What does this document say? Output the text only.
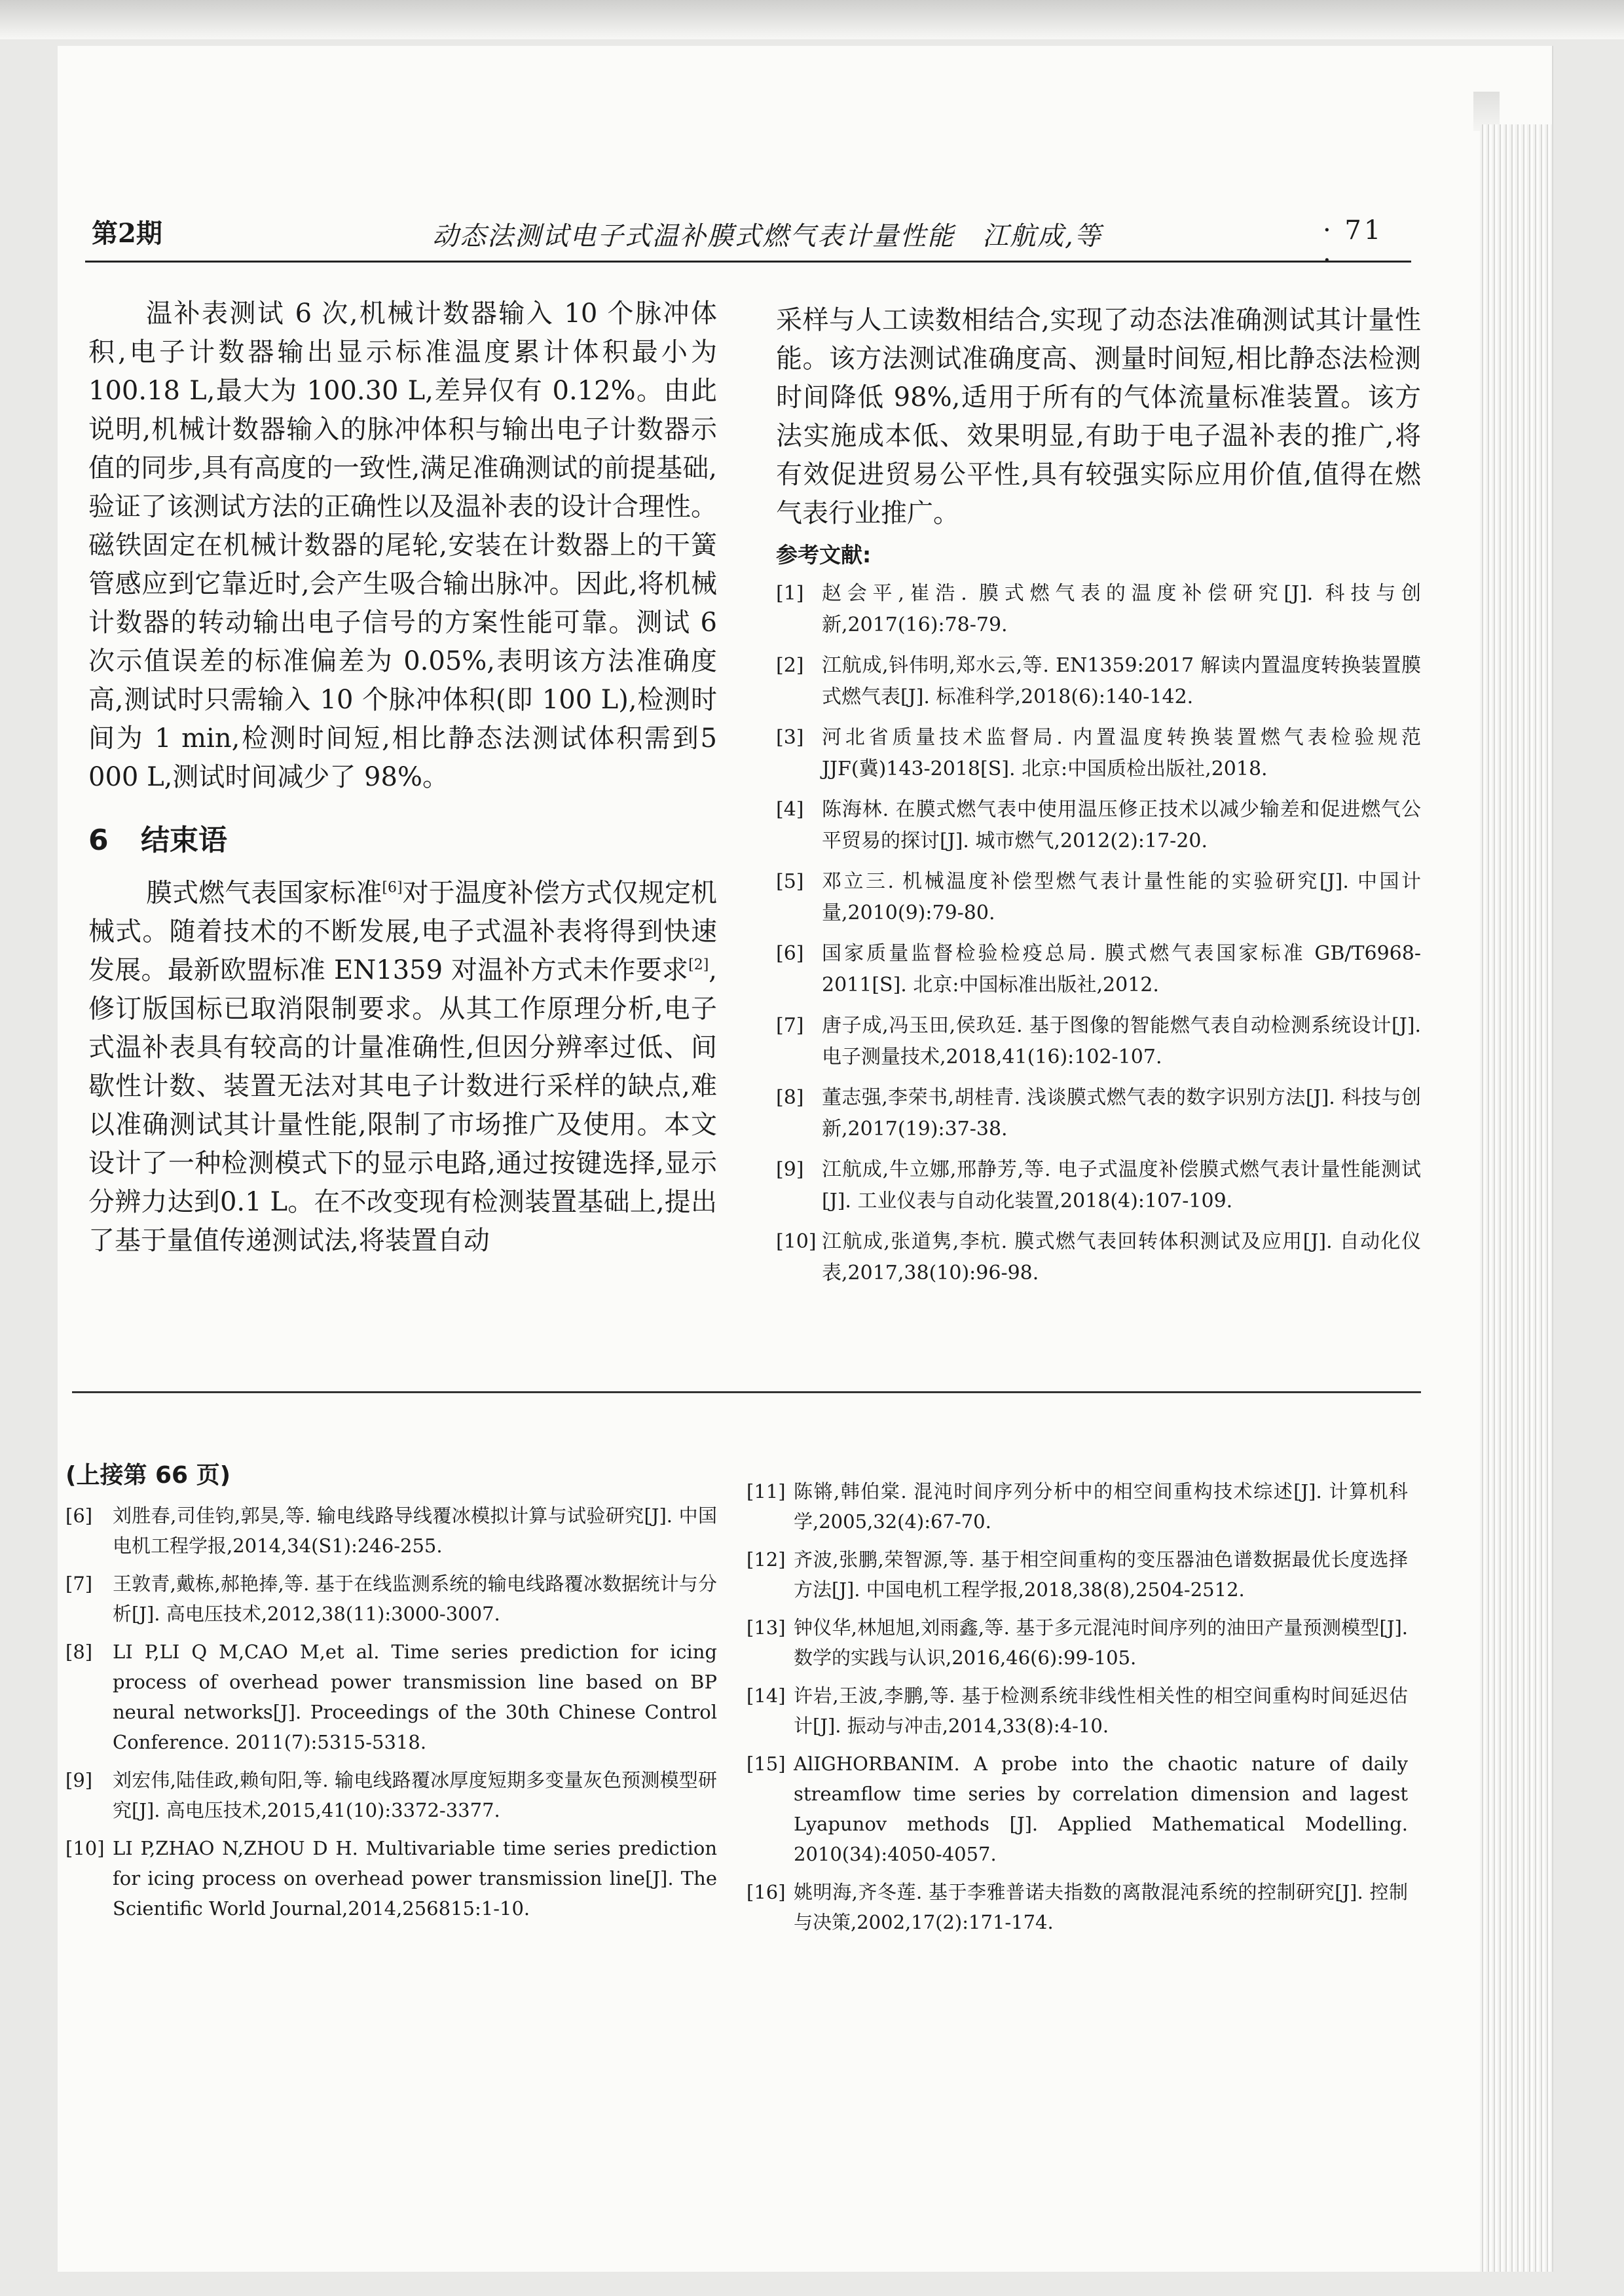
第2期	动态法测试电子式温补膜式燃气表计量性能　江航成,等	· 71

温补表测试 6 次,机械计数器输入 10 个脉冲体积,电子计数器输出显示标准温度累计体积最小为 100.18 L,最大为 100.30 L,差异仅有 0.12%。由此说明,机械计数器输入的脉冲体积与输出电子计数器示值的同步,具有高度的一致性,满足准确测试的前提基础,验证了该测试方法的正确性以及温补表的设计合理性。磁铁固定在机械计数器的尾轮,安装在计数器上的干簧管感应到它靠近时,会产生吸合输出脉冲。因此,将机械计数器的转动输出电子信号的方案性能可靠。测试 6 次示值误差的标准偏差为 0.05%,表明该方法准确度高,测试时只需输入 10 个脉冲体积(即 100 L),检测时间为 1 min,检测时间短,相比静态法测试体积需到5 000 L,测试时间减少了 98%。

6 结束语

膜式燃气表国家标准[6]对于温度补偿方式仅规定机械式。随着技术的不断发展,电子式温补表将得到快速发展。最新欧盟标准 EN1359 对温补方式未作要求[2],修订版国标已取消限制要求。从其工作原理分析,电子式温补表具有较高的计量准确性,但因分辨率过低、间歇性计数、装置无法对其电子计数进行采样的缺点,难以准确测试其计量性能,限制了市场推广及使用。本文设计了一种检测模式下的显示电路,通过按键选择,显示分辨力达到0.1 L。在不改变现有检测装置基础上,提出了基于量值传递测试法,将装置自动

采样与人工读数相结合,实现了动态法准确测试其计量性能。该方法测试准确度高、测量时间短,相比静态法检测时间降低 98%,适用于所有的气体流量标准装置。该方法实施成本低、效果明显,有助于电子温补表的推广,将有效促进贸易公平性,具有较强实际应用价值,值得在燃气表行业推广。

参考文献:
[1] 赵会平,崔浩. 膜式燃气表的温度补偿研究[J]. 科技与创新,2017(16):78-79.
[2] 江航成,钭伟明,郑水云,等. EN1359:2017 解读内置温度转换装置膜式燃气表[J]. 标准科学,2018(6):140-142.
[3] 河北省质量技术监督局. 内置温度转换装置燃气表检验规范 JJF(冀)143-2018[S]. 北京:中国质检出版社,2018.
[4] 陈海林. 在膜式燃气表中使用温压修正技术以减少输差和促进燃气公平贸易的探讨[J]. 城市燃气,2012(2):17-20.
[5] 邓立三. 机械温度补偿型燃气表计量性能的实验研究[J]. 中国计量,2010(9):79-80.
[6] 国家质量监督检验检疫总局. 膜式燃气表国家标准 GB/T6968-2011[S]. 北京:中国标准出版社,2012.
[7] 唐子成,冯玉田,侯玖廷. 基于图像的智能燃气表自动检测系统设计[J]. 电子测量技术,2018,41(16):102-107.
[8] 董志强,李荣书,胡桂青. 浅谈膜式燃气表的数字识别方法[J]. 科技与创新,2017(19):37-38.
[9] 江航成,牛立娜,邢静芳,等. 电子式温度补偿膜式燃气表计量性能测试[J]. 工业仪表与自动化装置,2018(4):107-109.
[10] 江航成,张道隽,李杭. 膜式燃气表回转体积测试及应用[J]. 自动化仪表,2017,38(10):96-98.
(上接第 66 页)
[6] 刘胜春,司佳钧,郭昊,等. 输电线路导线覆冰模拟计算与试验研究[J]. 中国电机工程学报,2014,34(S1):246-255.
[7] 王敦青,戴栋,郝艳捧,等. 基于在线监测系统的输电线路覆冰数据统计与分析[J]. 高电压技术,2012,38(11):3000-3007.
[8] LI P,LI Q M,CAO M,et al. Time series prediction for icing process of overhead power transmission line based on BP neural networks[J]. Proceedings of the 30th Chinese Control Conference. 2011(7):5315-5318.
[9] 刘宏伟,陆佳政,赖旬阳,等. 输电线路覆冰厚度短期多变量灰色预测模型研究[J]. 高电压技术,2015,41(10):3372-3377.
[10] LI P,ZHAO N,ZHOU D H. Multivariable time series prediction for icing process on overhead power transmission line[J]. The Scientific World Journal,2014,256815:1-10.
[11] 陈锵,韩伯棠. 混沌时间序列分析中的相空间重构技术综述[J]. 计算机科学,2005,32(4):67-70.
[12] 齐波,张鹏,荣智源,等. 基于相空间重构的变压器油色谱数据最优长度选择方法[J]. 中国电机工程学报,2018,38(8),2504-2512.
[13] 钟仪华,林旭旭,刘雨鑫,等. 基于多元混沌时间序列的油田产量预测模型[J]. 数学的实践与认识,2016,46(6):99-105.
[14] 许岩,王波,李鹏,等. 基于检测系统非线性相关性的相空间重构时间延迟估计[J]. 振动与冲击,2014,33(8):4-10.
[15] AlIGHORBANIM. A probe into the chaotic nature of daily streamflow time series by correlation dimension and lagest Lyapunov methods [J]. Applied Mathematical Modelling. 2010(34):4050-4057.
[16] 姚明海,齐冬莲. 基于李雅普诺夫指数的离散混沌系统的控制研究[J]. 控制与决策,2002,17(2):171-174.
